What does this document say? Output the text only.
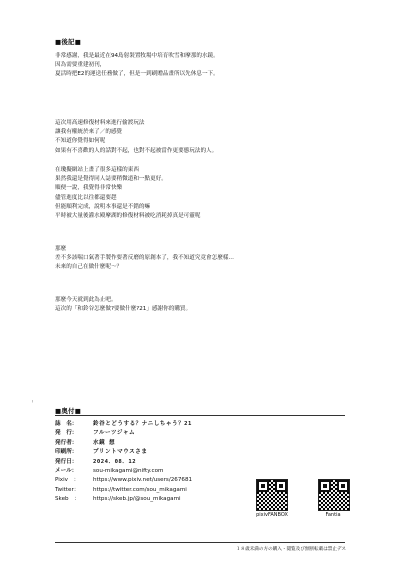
■後記■
非常感謝，我是最近在94島射裝置牧場中培育吹雪和摩那的水鏡。
因為需要重建初刊，
夏活時把E2的運送任務做了，但是一到刷贈品畫所以先休息一下。
這次用高速修復材料來進行偷渡玩法
讓我有權統於來了／的感覺
不知道你覺得如何呢
如果有不喜歡的人的話對不起，也對不起被當作更要態玩法的人。
在瓊擬網站上畫了很多這樣的東西
果然我還是覺得同人誌要稍微道和一點更好。
順便一說，我覺得非常快樂
儘管進度比以往都還要趕
但能順利完成，說明本事還是不錯的嘛
平時被大量後灌水殿摩湖的修復材料被吃消耗掉真是可靈呢
那麼
差不多該喘口氣著手製作要著反磨的原創本了，我不知道究竟會怎麼樣…
未來的自己在做什麼呢～？
那麼今天就到此為止吧。
這次的「和鈴谷怎麼做?要做什麼?21」感謝你的購買。
─
■奥付■
誌　名：	鈴谷とどうする？ナニしちゃう？21
発　行：	フルーツジャム
発行者：	水鏡 想
印刷所：	プリントマウスさま
発行日：	2024．08．12
メール：	sou-mikagami@nifty.com
Pixiv　： https://www.pixiv.net/users/267681
Twitter： https://twitter.com/sou_mikagami
Skeb　： https://skeb.jp/@sou_mikagami
pixivFANBOX	Fantia
１８歳未満の方の購入・閲覧及び無断転載は禁止デス
